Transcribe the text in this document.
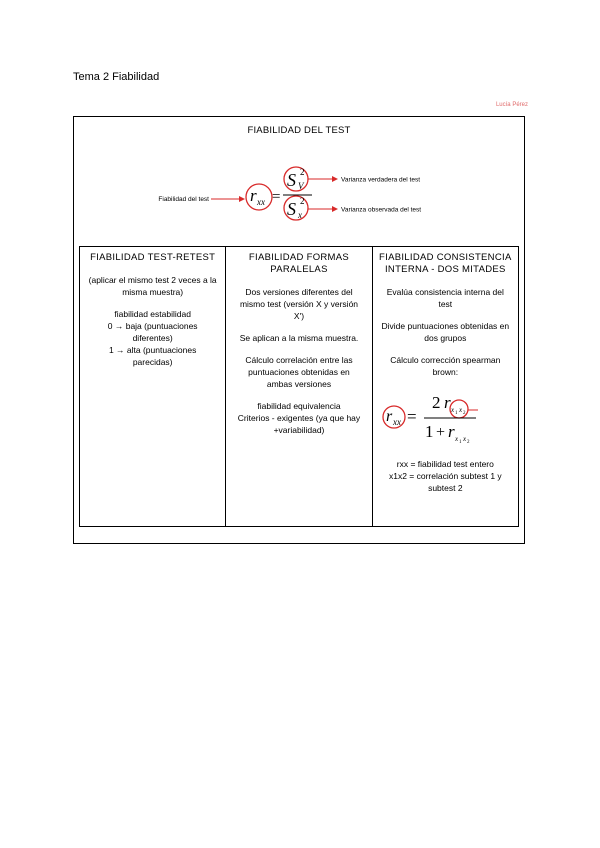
Tema 2 Fiabilidad
Lucía Pérez
FIABILIDAD DEL TEST
Fiabilidad del test r xx =
S 2
V
S 2
x
Varianza verdadera del test
Varianza observada del test
FIABILIDAD TEST-RETEST
(aplicar el mismo test 2 veces a la misma muestra)
fiabilidad estabilidad
0 → baja (puntuaciones diferentes)
1 → alta (puntuaciones parecidas)
FIABILIDAD FORMAS PARALELAS
Dos versiones diferentes del mismo test (versión X y versión X')
Se aplican a la misma muestra.
Cálculo correlación entre las puntuaciones obtenidas en ambas versiones
fiabilidad equivalencia
Criterios - exigentes (ya que hay +variabilidad)
FIABILIDAD CONSISTENCIA INTERNA - DOS MITADES
Evalúa consistencia interna del test
Divide puntuaciones obtenidas en dos grupos
Cálculo corrección spearman brown:
r xx =
2 r x 1 x 2
1 + r x 1 x 2
rxx = fiabilidad test entero
x1x2 = correlación subtest 1 y subtest 2
